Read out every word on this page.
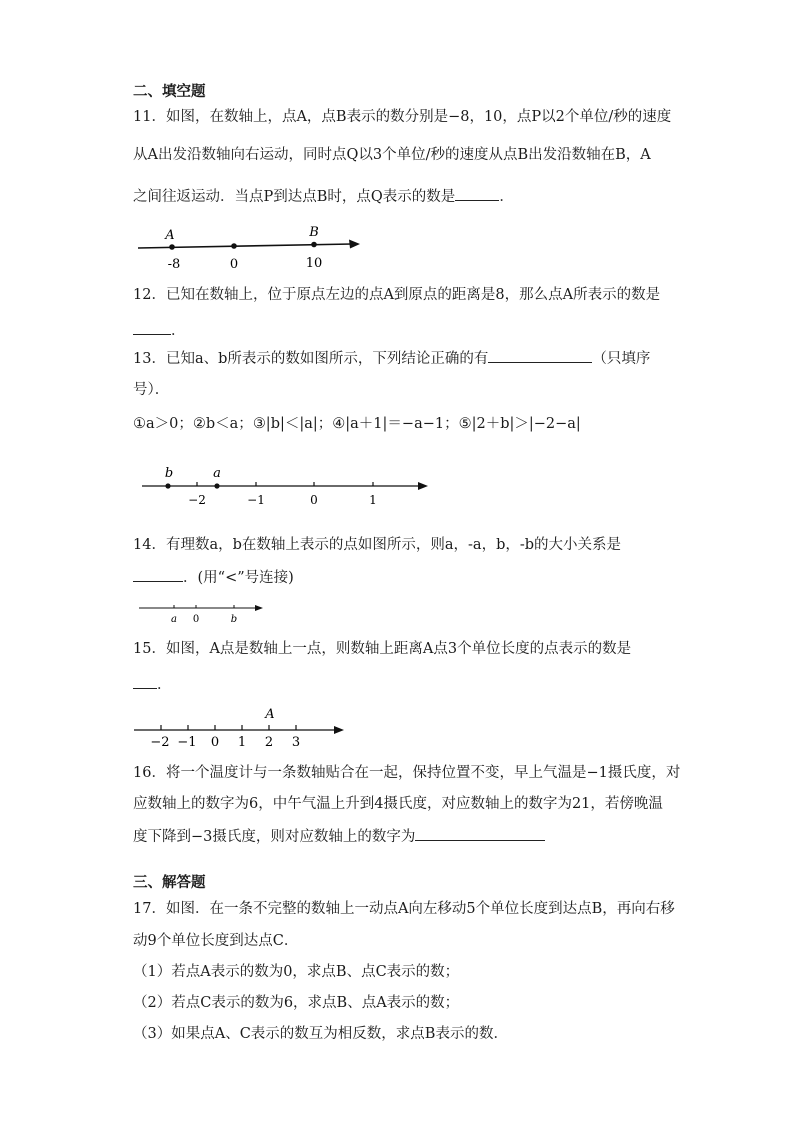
二、填空题
11．如图，在数轴上，点A，点B表示的数分别是−8，10，点P以2个单位/秒的速度
从A出发沿数轴向右运动，同时点Q以3个单位/秒的速度从点B出发沿数轴在B，A
之间往返运动．当点P到达点B时，点Q表示的数是	．
A	B
-8	0	10
12．已知在数轴上，位于原点左边的点A到原点的距离是8，那么点A所表示的数是
．
13．已知a、b所表示的数如图所示，下列结论正确的有	（只填序
号）．
①a＞0；②b＜a；③|b|＜|a|；④|a＋1|＝−a−1；⑤|2＋b|＞|−2−a|
b	a
−2	−1	0	1
14．有理数a，b在数轴上表示的点如图所示，则a，-a，b，-b的大小关系是
．(用“<”号连接)
a 0	b
15．如图，A点是数轴上一点，则数轴上距离A点3个单位长度的点表示的数是
．
A
−2 −1 0 1 2 3
16．将一个温度计与一条数轴贴合在一起，保持位置不变，早上气温是−1摄氏度，对
应数轴上的数字为6，中午气温上升到4摄氏度，对应数轴上的数字为21，若傍晚温
度下降到−3摄氏度，则对应数轴上的数字为
三、解答题
17．如图．在一条不完整的数轴上一动点A向左移动5个单位长度到达点B，再向右移
动9个单位长度到达点C．
（1）若点A表示的数为0，求点B、点C表示的数；
（2）若点C表示的数为6，求点B、点A表示的数；
（3）如果点A、C表示的数互为相反数，求点B表示的数．
